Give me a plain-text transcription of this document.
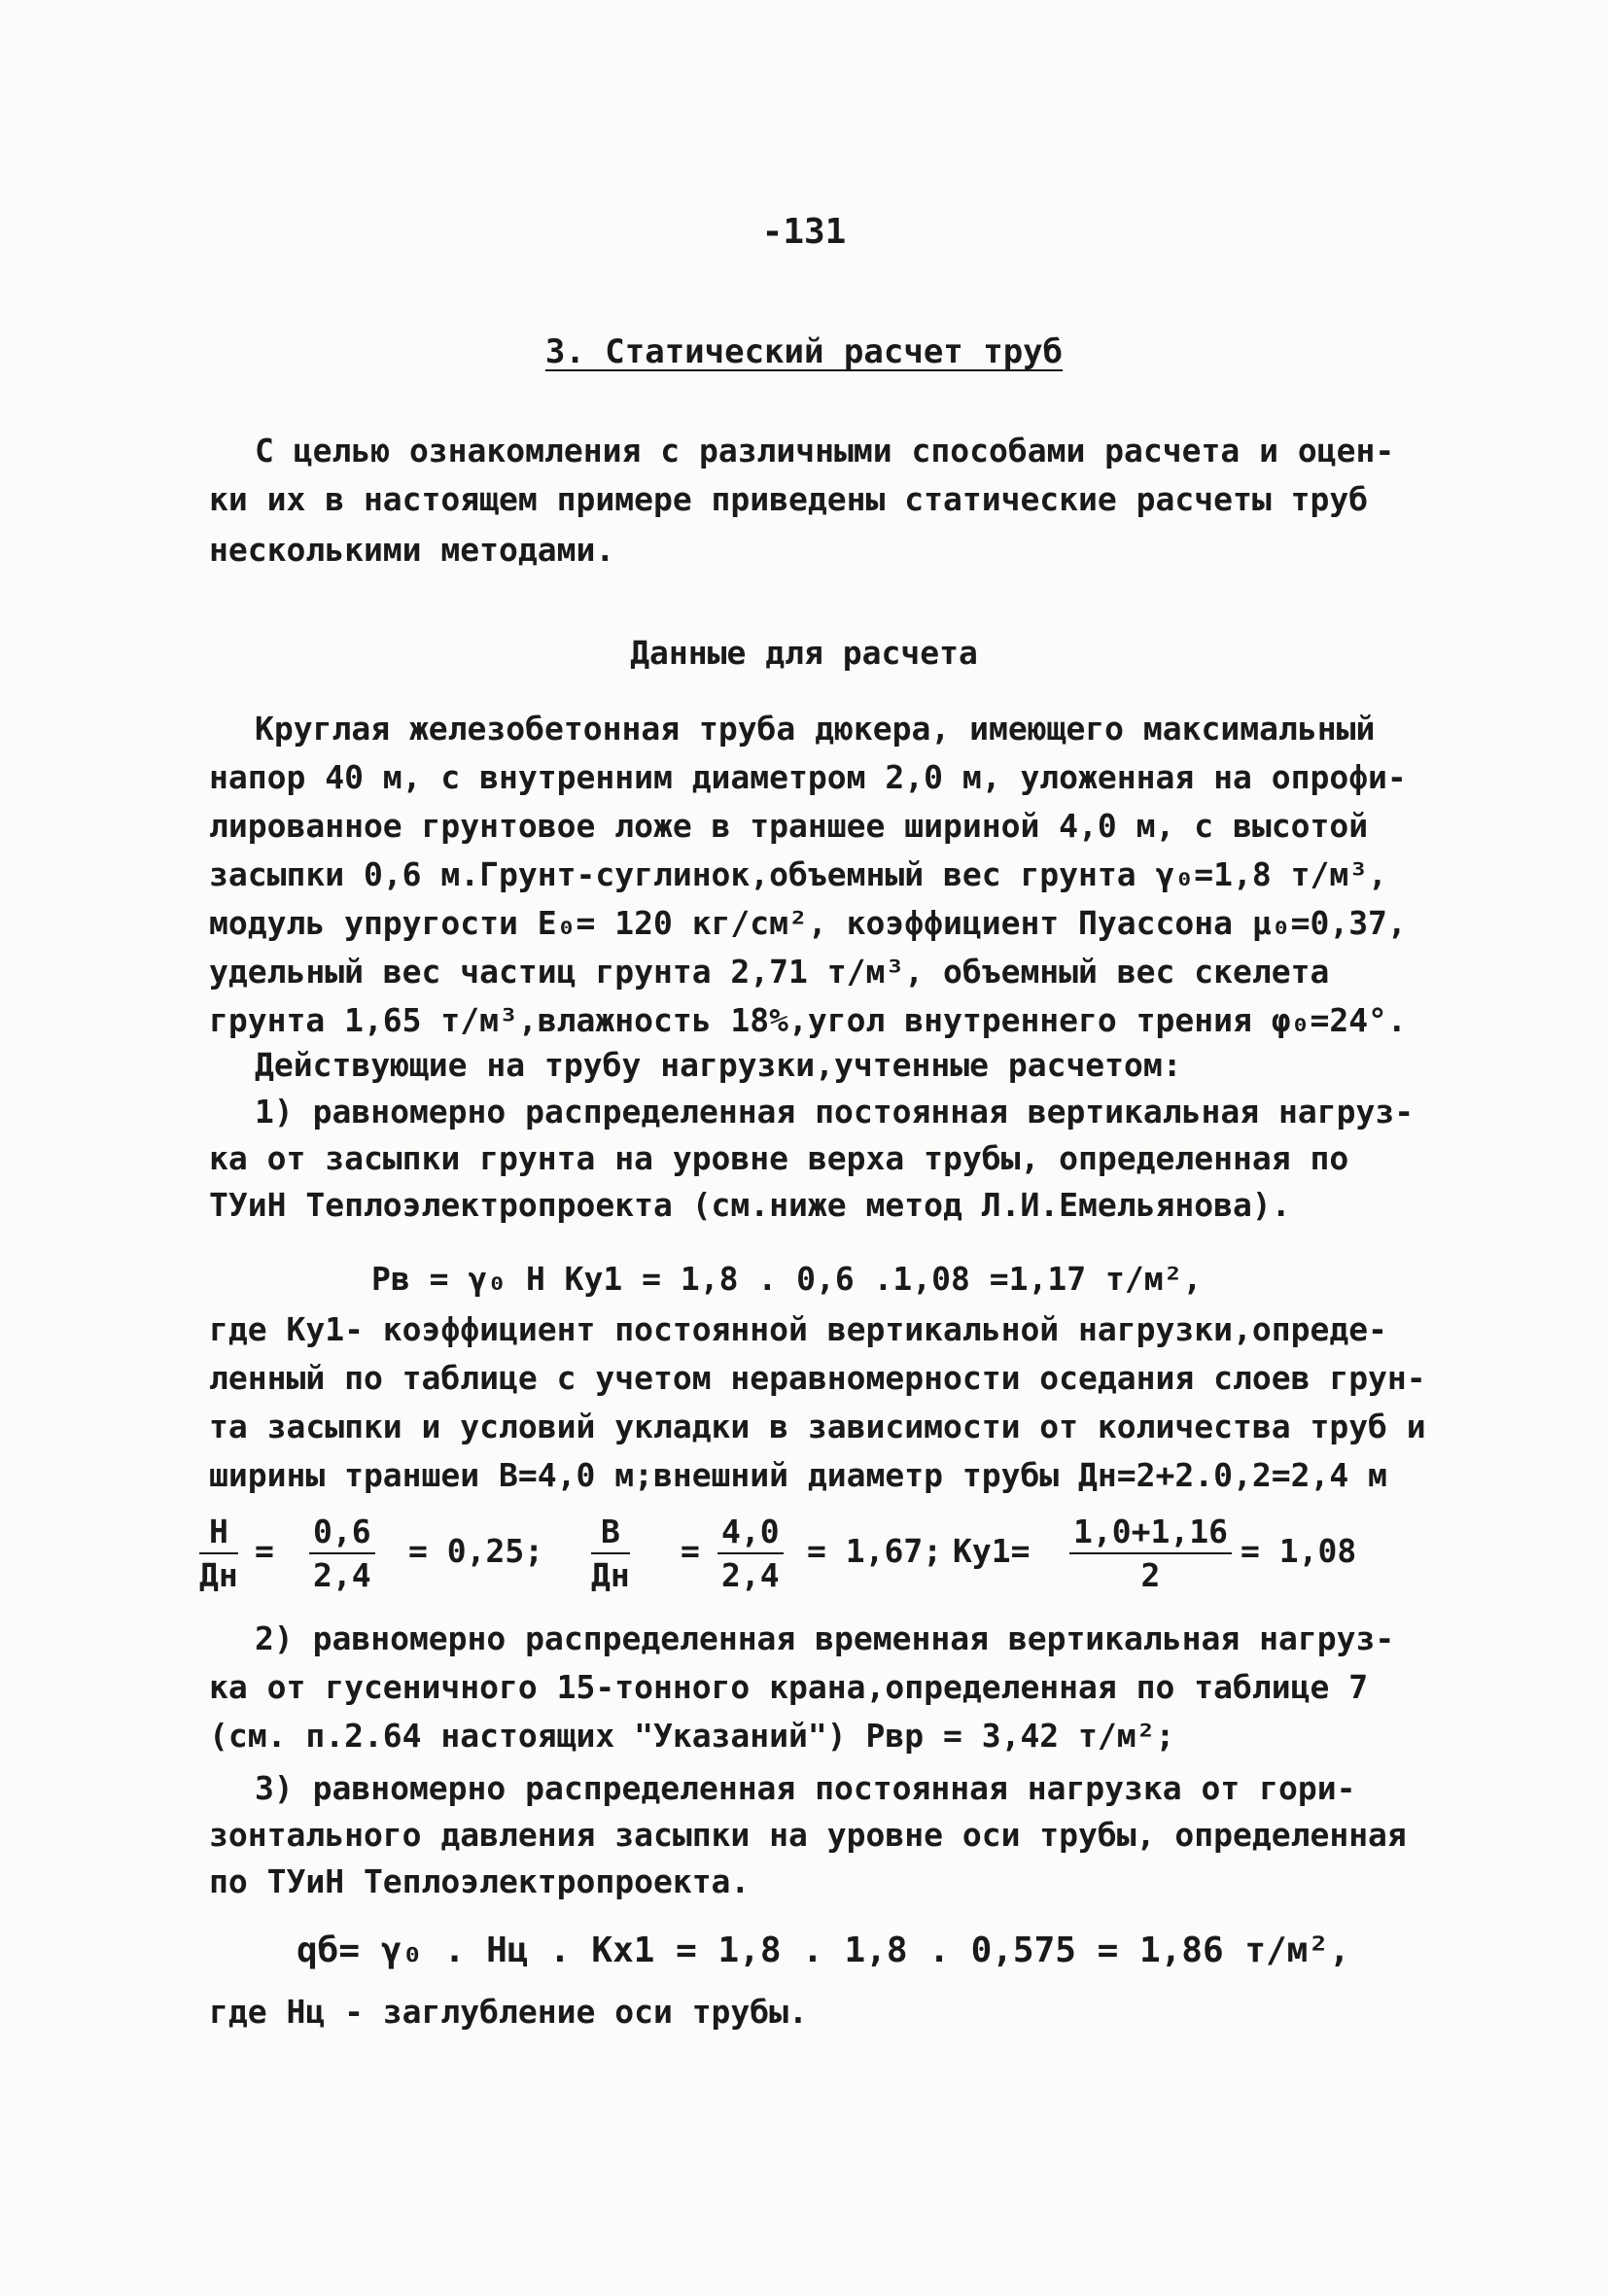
-131
3. Статический расчет труб
С целью ознакомления с различными способами расчета и оцен-
ки их в настоящем примере приведены статические расчеты труб
несколькими методами.
Данные для расчета
Круглая железобетонная труба дюкера, имеющего максимальный
напор 40 м, с внутренним диаметром 2,0 м, уложенная на опрофи-
лированное грунтовое ложе в траншее шириной 4,0 м, с высотой
засыпки 0,6 м.Грунт-суглинок,объемный вес грунта γ₀=1,8 т/м³,
модуль упругости E₀= 120 кг/см², коэффициент Пуассона μ₀=0,37,
удельный вес частиц грунта 2,71 т/м³, объемный вес скелета
грунта 1,65 т/м³,влажность 18%,угол внутреннего трения φ₀=24°.
Действующие на трубу нагрузки,учтенные расчетом:
1) равномерно распределенная постоянная вертикальная нагруз-
ка от засыпки грунта на уровне верха трубы, определенная по
ТУиН Теплоэлектропроекта (см.ниже метод Л.И.Емельянова).
Pв = γ₀ H Kу1 = 1,8 . 0,6 .1,08 =1,17 т/м²,
где Kу1- коэффициент постоянной вертикальной нагрузки,опреде-
ленный по таблице с учетом неравномерности оседания слоев грун-
та засыпки и условий укладки в зависимости от количества труб и
ширины траншеи B=4,0 м;внешний диаметр трубы Дн=2+2.0,2=2,4 м
H
Дн
= $\frac{0,6}{2,4} = 0,25$;
B
Дн
= $\frac{4,0}{2,4} = 1,67$; $Kу1= \frac{1,0+1,16}{2} = 1,08$
2) равномерно распределенная временная вертикальная нагруз-
ка от гусеничного 15-тонного крана,определенная по таблице 7
(см. п.2.64 настоящих "Указаний") Pвр = 3,42 т/м²;
3) равномерно распределенная постоянная нагрузка от гори-
зонтального давления засыпки на уровне оси трубы, определенная
по ТУиН Теплоэлектропроекта.
qб= γ₀ . Hц . Kx1 = 1,8 . 1,8 . 0,575 = 1,86 т/м²,
где Hц - заглубление оси трубы.
